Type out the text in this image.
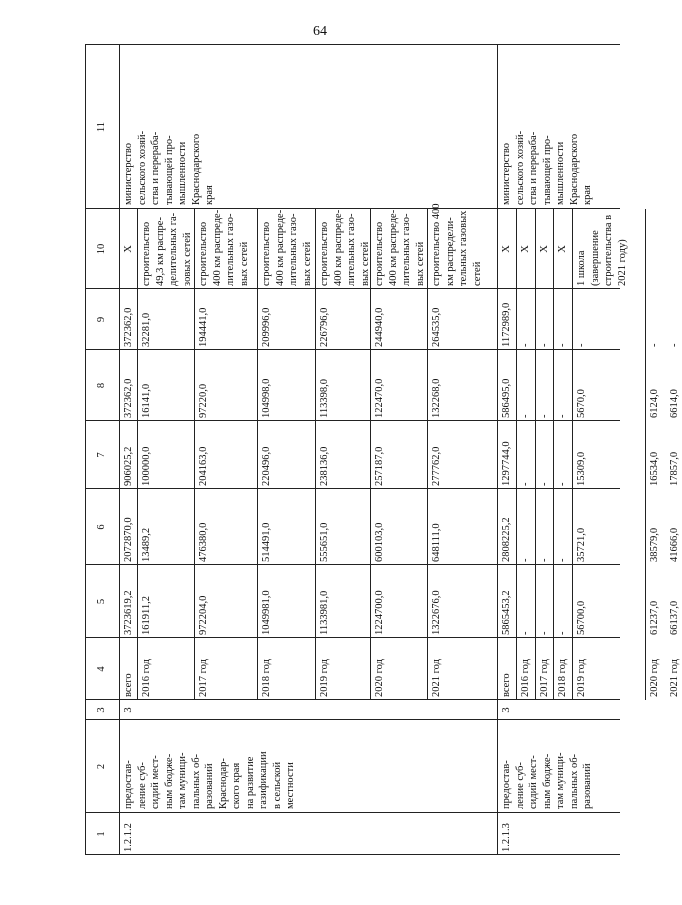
64
1
2
3
4
5
6
7
8
9
10
11
1.2.1.2
предостав-
ление суб-
сидий мест-
ным бюдже-
там муници-
пальных об-
разований
Краснодар-
ского края
на развитие
газификации
в сельской
местности
3
министерство
сельского хозяй-
ства и перераба-
тывающей про-
мышленности
Краснодарского
края
всего
3723619,2
2072870,0
906025,2
372362,0
372362,0
X
2016 год
161911,2
13489,2
100000,0
16141,0
32281,0
строительство
49,3 км распре-
делительных га-
зовых сетей
2017 год
972204,0
476380,0
204163,0
97220,0
194441,0
строительство
400 км распреде-
лительных газо-
вых сетей
2018 год
1049981,0
514491,0
220496,0
104998,0
209996,0
строительство
400 км распреде-
лительных газо-
вых сетей
2019 год
1133981,0
555651,0
238136,0
113398,0
226796,0
строительство
400 км распреде-
лительных газо-
вых сетей
2020 год
1224700,0
600103,0
257187,0
122470,0
244940,0
строительство
400 км распреде-
лительных газо-
вых сетей
2021 год
1322676,0
648111,0
277762,0
132268,0
264535,0
строительство 400
км распредели-
тельных газовых
сетей
1.2.1.3
предостав-
ление суб-
сидий мест-
ным бюдже-
там муници-
пальных об-
разований
3
министерство
сельского хозяй-
ства и перераба-
тывающей про-
мышленности
Краснодарского
края
всего
5865453,2
2808225,2
1297744,0
586495,0
1172989,0
X
2016 год
-
-
-
-
-
X
2017 год
-
-
-
-
-
X
2018 год
-
-
-
-
-
X
2019 год
56700,0
35721,0
15309,0
5670,0
-
1 школа
(завершение
строительства в
2021 году)
2020 год
61237,0
38579,0
16534,0
6124,0
-
2021 год
66137,0
41666,0
17857,0
6614,0
-
